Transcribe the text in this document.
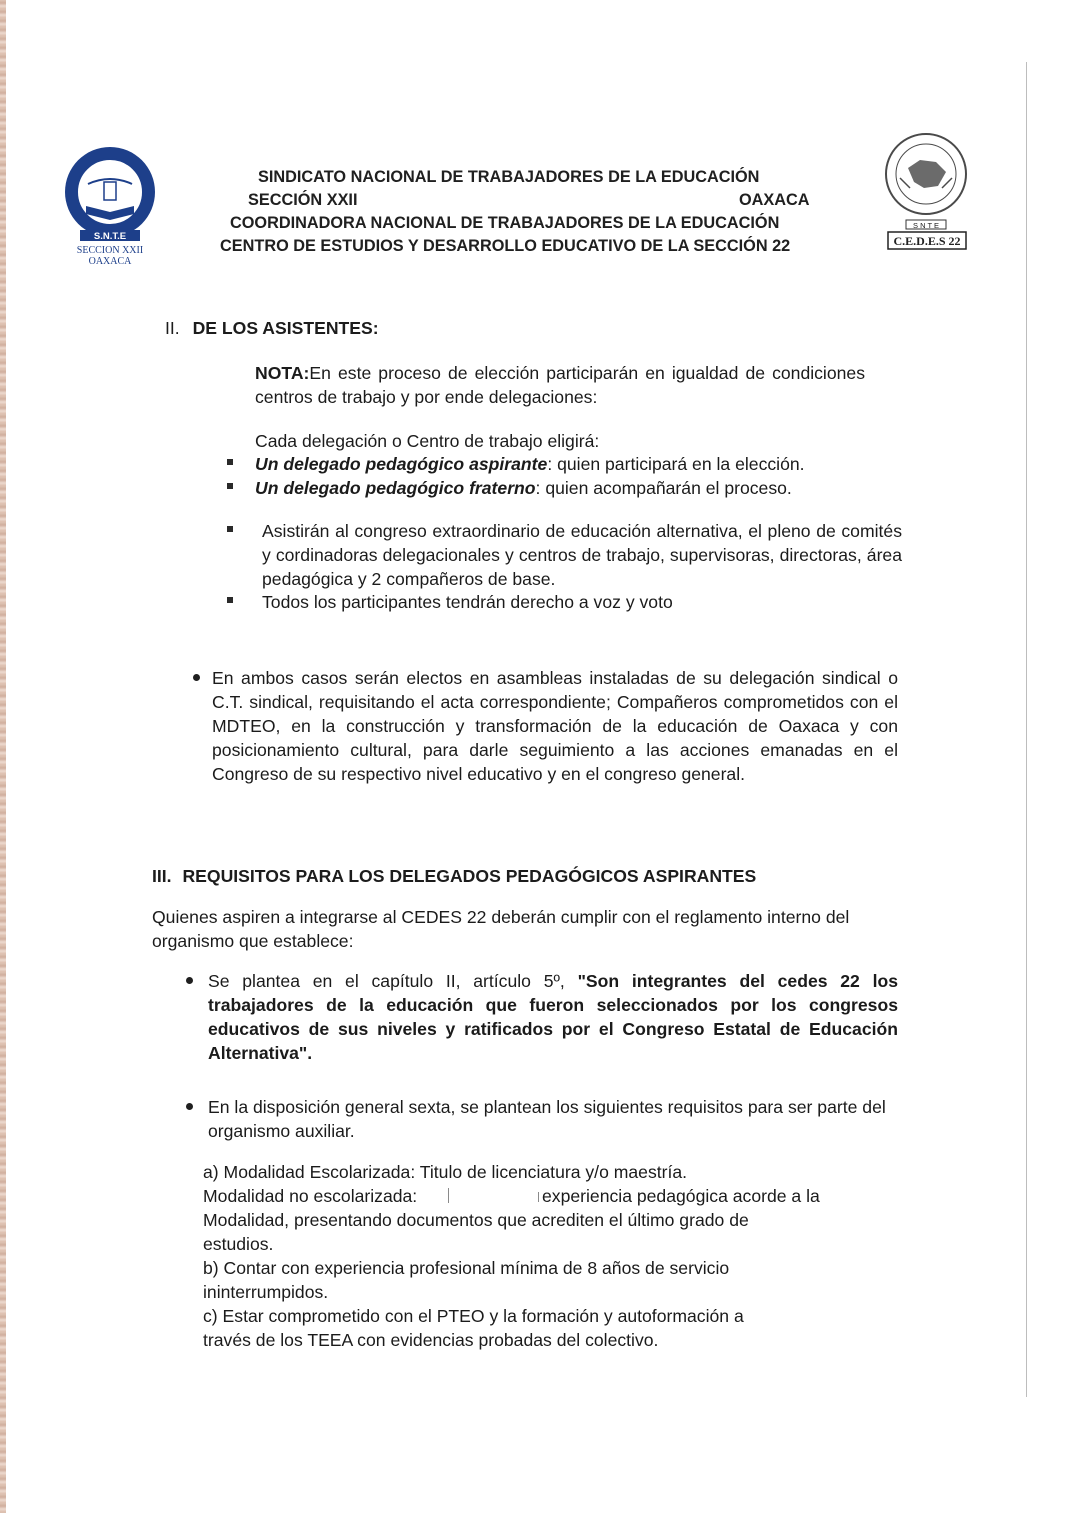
S.N.T.E
SECCION XXII
OAXACA
S N T E
C.E.D.E.S 22
SINDICATO NACIONAL DE TRABAJADORES DE LA EDUCACIÓN
SECCIÓN XXII	OAXACA
COORDINADORA NACIONAL DE TRABAJADORES DE LA EDUCACIÓN
CENTRO DE ESTUDIOS Y DESARROLLO EDUCATIVO DE LA SECCIÓN 22
II. DE LOS ASISTENTES:
NOTA:En este proceso de elección participarán en igualdad de condiciones centros de trabajo y por ende delegaciones:
Cada delegación o Centro de trabajo eligirá:
Un delegado pedagógico aspirante: quien participará en la elección.
Un delegado pedagógico fraterno: quien acompañarán el proceso.
Asistirán al congreso extraordinario de educación alternativa, el pleno de comités y cordinadoras delegacionales y centros de trabajo, supervisoras, directoras, área pedagógica y 2 compañeros de base.
Todos los participantes tendrán derecho a voz y voto
En ambos casos serán electos en asambleas instaladas de su delegación sindical o C.T. sindical, requisitando el acta correspondiente; Compañeros comprometidos con el MDTEO, en la construcción y transformación de la educación de Oaxaca y con posicionamiento cultural, para darle seguimiento a las acciones emanadas en el Congreso de su respectivo nivel educativo y en el congreso general.
III. REQUISITOS PARA LOS DELEGADOS PEDAGÓGICOS ASPIRANTES
Quienes aspiren a integrarse al CEDES 22 deberán cumplir con el reglamento interno del organismo que establece:
Se plantea en el capítulo II, artículo 5º, "Son integrantes del cedes 22 los trabajadores de la educación que fueron seleccionados por los congresos educativos de sus niveles y ratificados por el Congreso Estatal de Educación Alternativa".
En la disposición general sexta, se plantean los siguientes requisitos para ser parte del organismo auxiliar.
a) Modalidad Escolarizada: Titulo de licenciatura y/o maestría.
Modalidad no escolarizada:	experiencia pedagógica acorde a la
Modalidad, presentando documentos que acrediten el último grado de
estudios.
b) Contar con experiencia profesional mínima de 8 años de servicio
ininterrumpidos.
c) Estar comprometido con el PTEO y la formación y autoformación a
través de los TEEA con evidencias probadas del colectivo.
